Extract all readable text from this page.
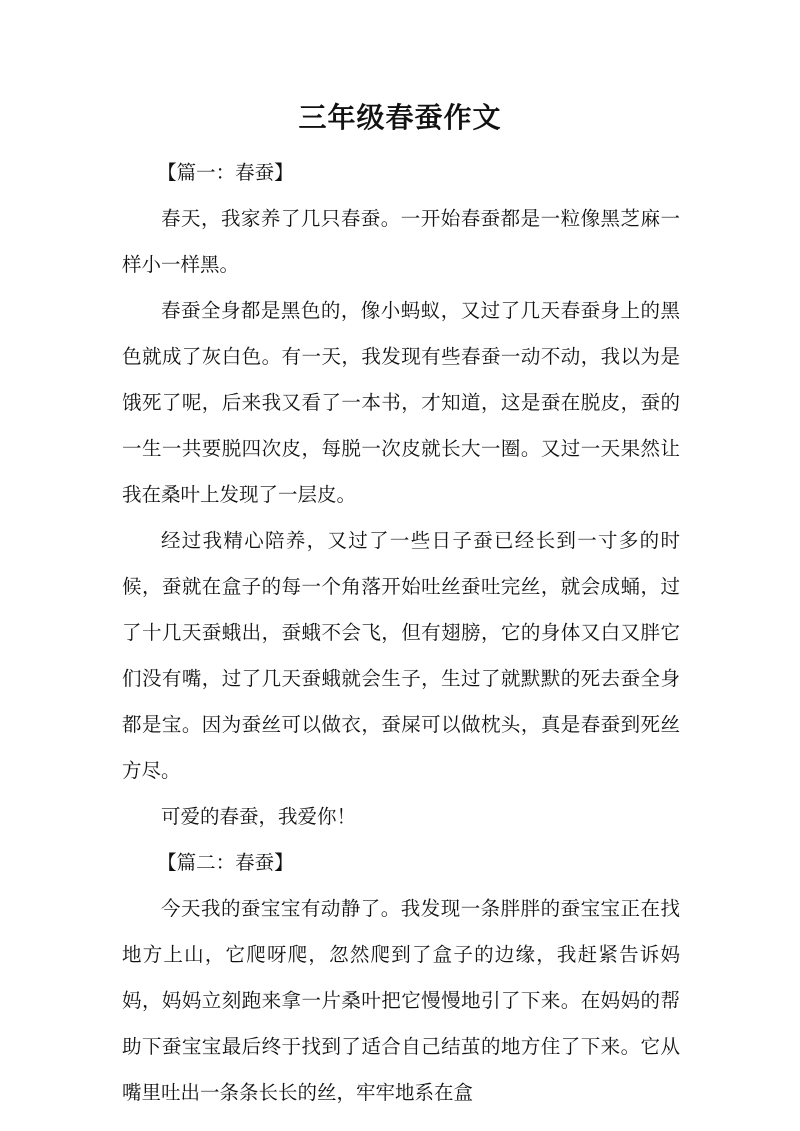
三年级春蚕作文

【篇一：春蚕】

春天，我家养了几只春蚕。一开始春蚕都是一粒像黑芝麻一样小一样黑。

春蚕全身都是黑色的，像小蚂蚁，又过了几天春蚕身上的黑色就成了灰白色。有一天，我发现有些春蚕一动不动，我以为是饿死了呢，后来我又看了一本书，才知道，这是蚕在脱皮，蚕的一生一共要脱四次皮，每脱一次皮就长大一圈。又过一天果然让我在桑叶上发现了一层皮。

经过我精心陪养，又过了一些日子蚕已经长到一寸多的时候，蚕就在盒子的每一个角落开始吐丝蚕吐完丝，就会成蛹，过了十几天蚕蛾出，蚕蛾不会飞，但有翅膀，它的身体又白又胖它们没有嘴，过了几天蚕蛾就会生子，生过了就默默的死去蚕全身都是宝。因为蚕丝可以做衣，蚕屎可以做枕头，真是春蚕到死丝方尽。

可爱的春蚕，我爱你！

【篇二：春蚕】

今天我的蚕宝宝有动静了。我发现一条胖胖的蚕宝宝正在找地方上山，它爬呀爬，忽然爬到了盒子的边缘，我赶紧告诉妈妈，妈妈立刻跑来拿一片桑叶把它慢慢地引了下来。在妈妈的帮助下蚕宝宝最后终于找到了适合自己结茧的地方住了下来。它从嘴里吐出一条条长长的丝，牢牢地系在盒
